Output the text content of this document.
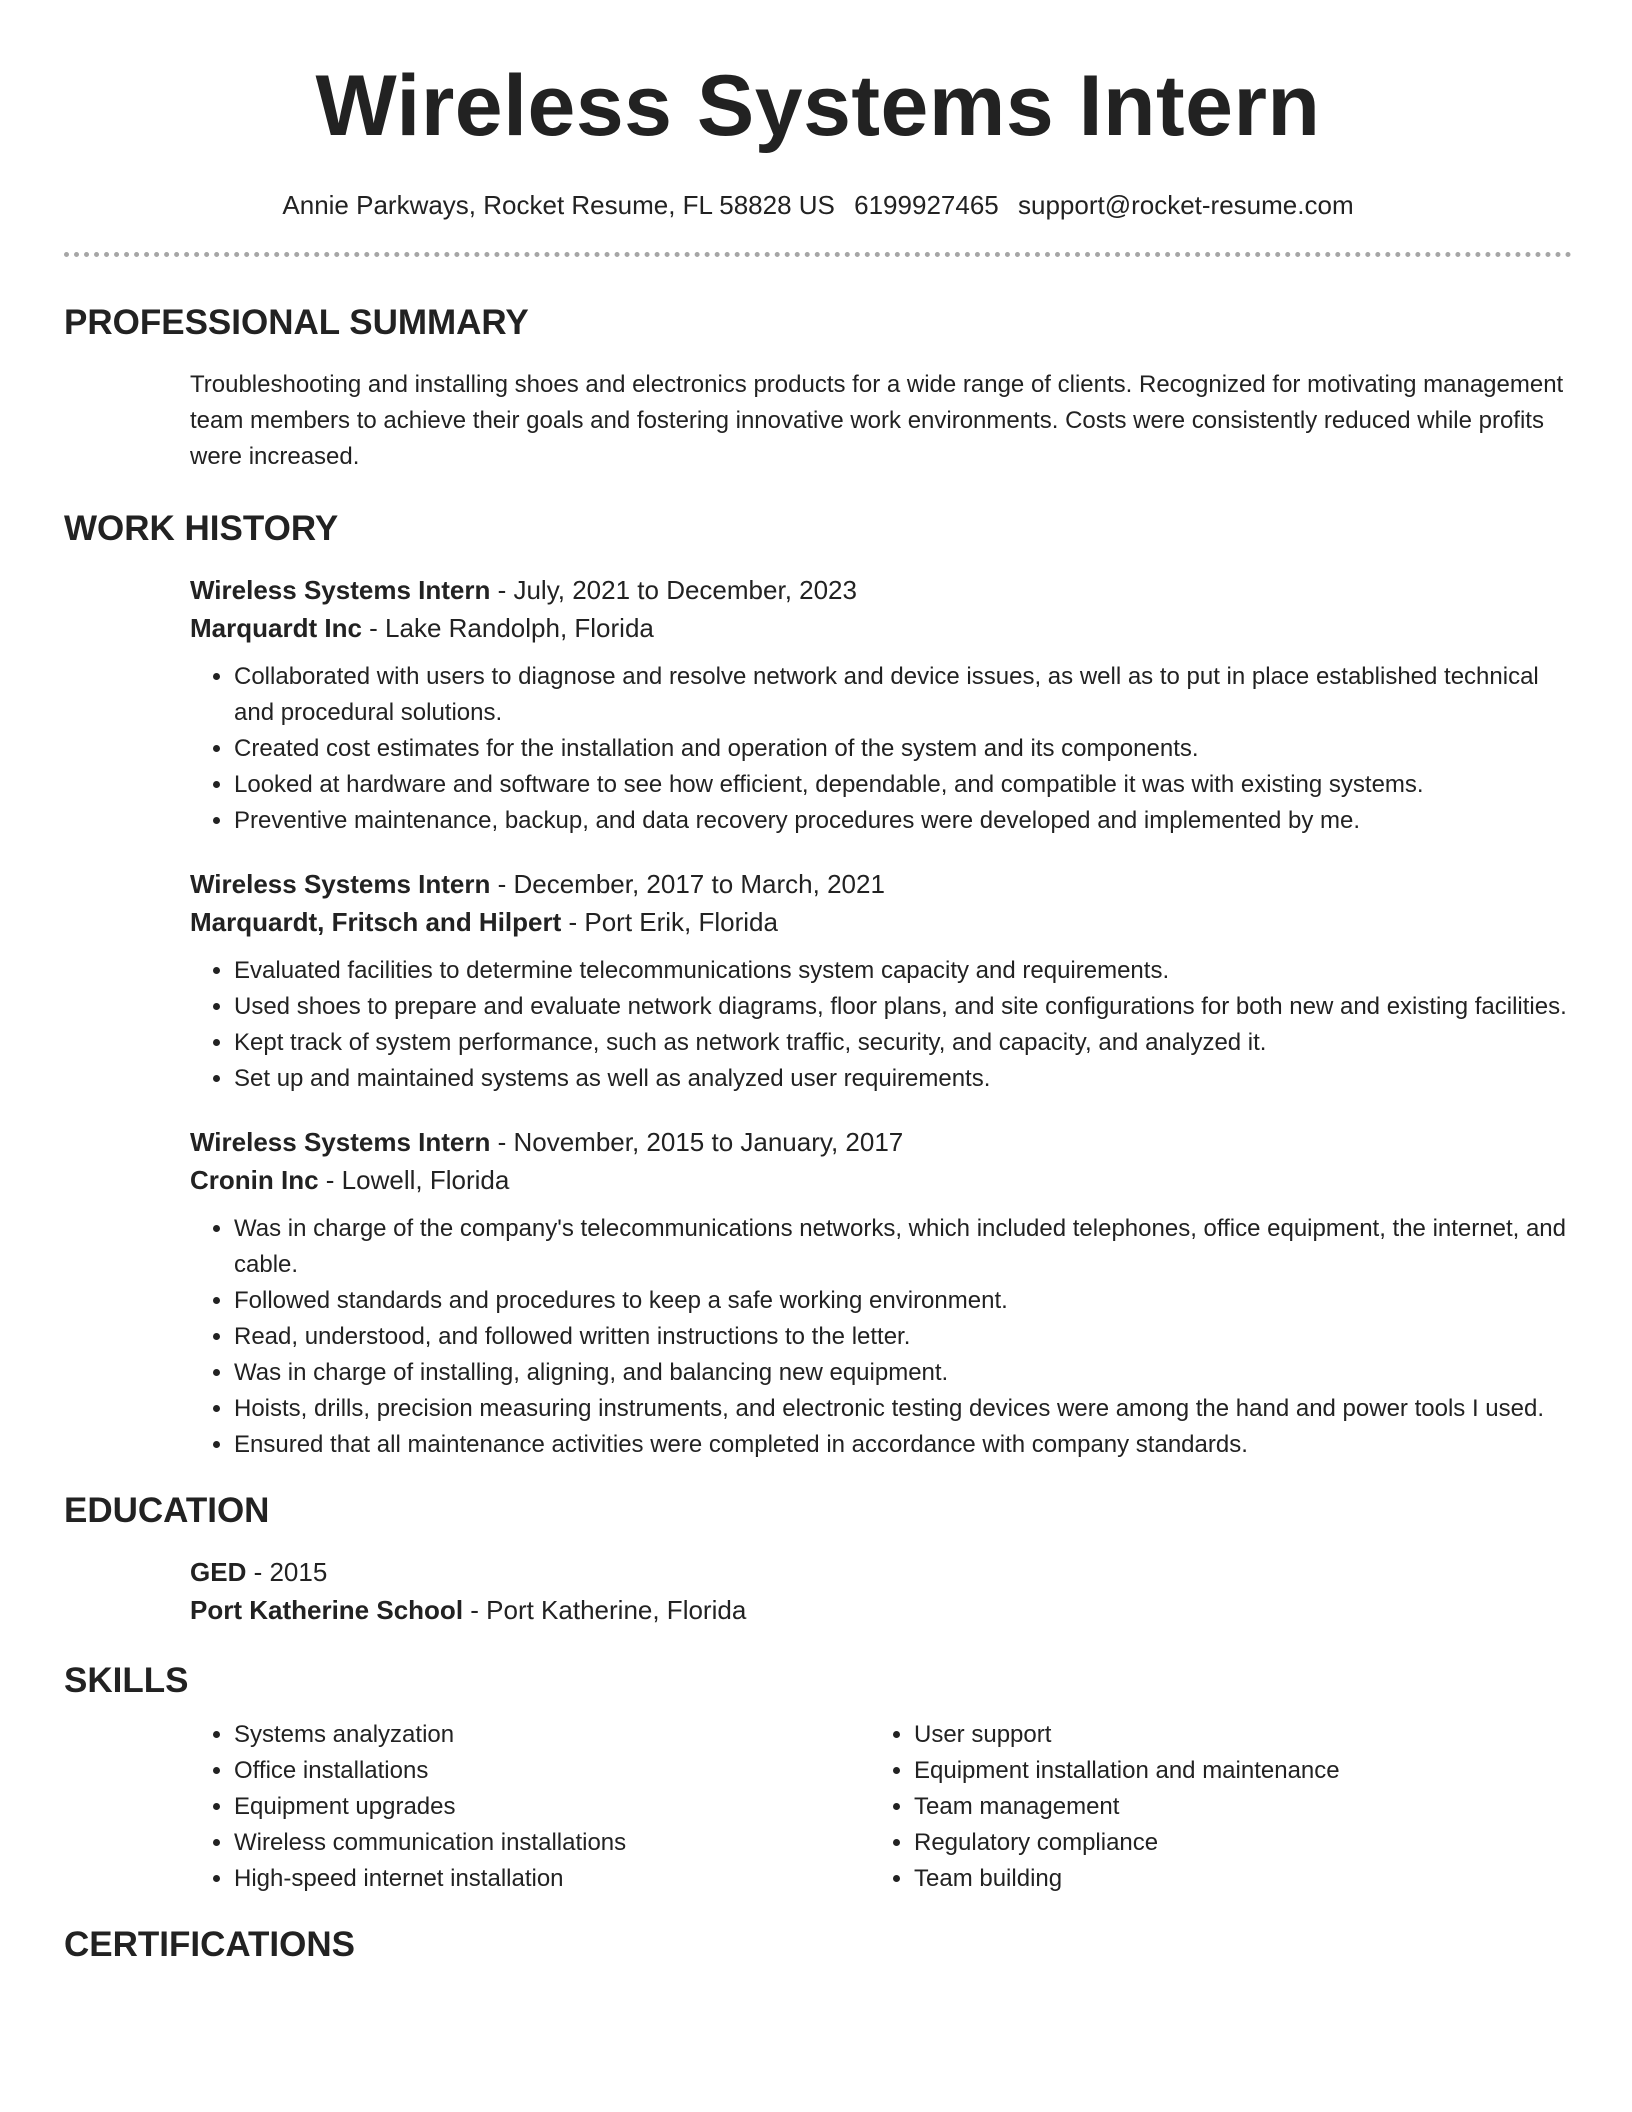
Wireless Systems Intern
Annie Parkways, Rocket Resume, FL 58828 US 6199927465 support@rocket-resume.com
PROFESSIONAL SUMMARY

Troubleshooting and installing shoes and electronics products for a wide range of clients. Recognized for motivating management team members to achieve their goals and fostering innovative work environments. Costs were consistently reduced while profits were increased.

WORK HISTORY
Wireless Systems Intern - July, 2021 to December, 2023
Marquardt Inc - Lake Randolph, Florida
• Collaborated with users to diagnose and resolve network and device issues, as well as to put in place established technical and procedural solutions.
• Created cost estimates for the installation and operation of the system and its components.
• Looked at hardware and software to see how efficient, dependable, and compatible it was with existing systems.
• Preventive maintenance, backup, and data recovery procedures were developed and implemented by me.
Wireless Systems Intern - December, 2017 to March, 2021
Marquardt, Fritsch and Hilpert - Port Erik, Florida
• Evaluated facilities to determine telecommunications system capacity and requirements.
• Used shoes to prepare and evaluate network diagrams, floor plans, and site configurations for both new and existing facilities.
• Kept track of system performance, such as network traffic, security, and capacity, and analyzed it.
• Set up and maintained systems as well as analyzed user requirements.
Wireless Systems Intern - November, 2015 to January, 2017
Cronin Inc - Lowell, Florida
• Was in charge of the company's telecommunications networks, which included telephones, office equipment, the internet, and cable.
• Followed standards and procedures to keep a safe working environment.
• Read, understood, and followed written instructions to the letter.
• Was in charge of installing, aligning, and balancing new equipment.
• Hoists, drills, precision measuring instruments, and electronic testing devices were among the hand and power tools I used.
• Ensured that all maintenance activities were completed in accordance with company standards.
EDUCATION
GED - 2015
Port Katherine School - Port Katherine, Florida
SKILLS
• Systems analyzation
• Office installations
• Equipment upgrades
• Wireless communication installations
• High-speed internet installation
• User support
• Equipment installation and maintenance
• Team management
• Regulatory compliance
• Team building
CERTIFICATIONS
